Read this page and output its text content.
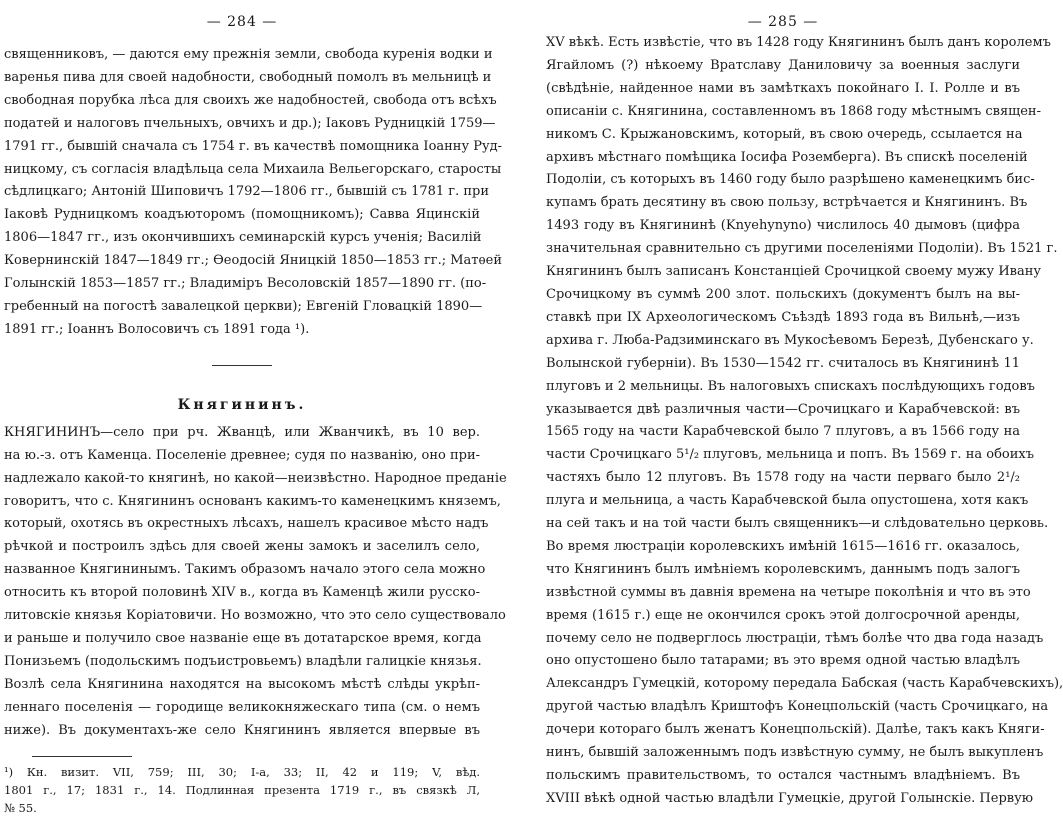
— 284 —
священниковъ, — даются ему прежнія земли, свобода куренія водки и
варенья пива для своей надобности, свободный помолъ въ мельницѣ и
свободная порубка лѣса для своихъ же надобностей, свобода отъ всѣхъ
податей и налоговъ пчельныхъ, овчихъ и др.); Іаковъ Рудницкій 1759—
1791 гг., бывшій сначала съ 1754 г. въ качествѣ помощника Іоанну Руд-
ницкому, съ согласія владѣльца села Михаила Вельегорскаго, старосты
сѣдлицкаго; Антоній Шиповичъ 1792—1806 гг., бывшій съ 1781 г. при
Іаковѣ Рудницкомъ коадъюторомъ (помощникомъ); Савва Яцинскій
1806—1847 гг., изъ окончившихъ семинарскій курсъ ученія; Василій
Ковернинскій 1847—1849 гг.; Ѳеодосій Яницкій 1850—1853 гг.; Матѳей
Голынскій 1853—1857 гг.; Владиміръ Весоловскій 1857—1890 гг. (по-
гребенный на погостѣ завалецкой церкви); Евгеній Гловацкій 1890—
1891 гг.; Іоаннъ Волосовичъ съ 1891 года ¹).
Княгининъ.
КНЯГИНИНЪ—село при рч. Жванцѣ, или Жванчикѣ, въ 10 вер.
на ю.-з. отъ Каменца. Поселеніе древнее; судя по названію, оно при-
надлежало какой-то княгинѣ, но какой—неизвѣстно. Народное преданіе
говоритъ, что с. Княгининъ основанъ какимъ-то каменецкимъ княземъ,
который, охотясь въ окрестныхъ лѣсахъ, нашелъ красивое мѣсто надъ
рѣчкой и построилъ здѣсь для своей жены замокъ и заселилъ село,
названное Княгининымъ. Такимъ образомъ начало этого села можно
относить къ второй половинѣ XIV в., когда въ Каменцѣ жили русско-
литовскіе князья Коріатовичи. Но возможно, что это село существовало
и раньше и получило свое названіе еще въ дотатарское время, когда
Понизьемъ (подольскимъ подъистровьемъ) владѣли галицкіе князья.
Возлѣ села Княгинина находятся на высокомъ мѣстѣ слѣды укрѣп-
леннаго поселенія — городище великокняжескаго типа (см. о немъ
ниже). Въ документахъ-же село Княгининъ является впервые въ
¹) Кн. визит. VII, 759; III, 30; I-а, 33; II, 42 и 119; V, вѣд.
1801 г., 17; 1831 г., 14. Подлинная презента 1719 г., въ связкѣ Л,
№ 55.
— 285 —
XV вѣкѣ. Есть извѣстіе, что въ 1428 году Княгининъ былъ данъ королемъ
Ягайломъ (?) нѣкоему Вратславу Даниловичу за военныя заслуги
(свѣдѣніе, найденное нами въ замѣткахъ покойнаго I. I. Ролле и въ
описаніи с. Княгинина, составленномъ въ 1868 году мѣстнымъ священ-
никомъ С. Крыжановскимъ, который, въ свою очередь, ссылается на
архивъ мѣстнаго помѣщика Іосифа Роземберга). Въ спискѣ поселеній
Подоліи, съ которыхъ въ 1460 году было разрѣшено каменецкимъ бис-
купамъ брать десятину въ свою пользу, встрѣчается и Княгининъ. Въ
1493 году въ Княгининѣ (Knyehynyno) числилось 40 дымовъ (цифра
значительная сравнительно съ другими поселеніями Подоліи). Въ 1521 г.
Княгининъ былъ записанъ Констанціей Срочицкой своему мужу Ивану
Срочицкому въ суммѣ 200 злот. польскихъ (документъ былъ на вы-
ставкѣ при IX Археологическомъ Съѣздѣ 1893 года въ Вильнѣ,—изъ
архива г. Люба-Радзиминскаго въ Мукосѣевомъ Березѣ, Дубенскаго у.
Волынской губерніи). Въ 1530—1542 гг. считалось въ Княгининѣ 11
плуговъ и 2 мельницы. Въ налоговыхъ спискахъ послѣдующихъ годовъ
указывается двѣ различныя части—Срочицкаго и Карабчевской: въ
1565 году на части Карабчевской было 7 плуговъ, а въ 1566 году на
части Срочицкаго 5¹/₂ плуговъ, мельница и попъ. Въ 1569 г. на обоихъ
частяхъ было 12 плуговъ. Въ 1578 году на части перваго было 2¹/₂
плуга и мельница, а часть Карабчевской была опустошена, хотя какъ
на сей такъ и на той части былъ священникъ—и слѣдовательно церковь.
Во время люстраціи королевскихъ имѣній 1615—1616 гг. оказалось,
что Княгининъ былъ имѣніемъ королевскимъ, даннымъ подъ залогъ
извѣстной суммы въ давнія времена на четыре поколѣнія и что въ это
время (1615 г.) еще не окончился срокъ этой долгосрочной аренды,
почему село не подверглось люстраціи, тѣмъ болѣе что два года назадъ
оно опустошено было татарами; въ это время одной частью владѣлъ
Александръ Гумецкій, которому передала Бабская (часть Карабчевскихъ),
другой частью владѣлъ Криштофъ Конецпольскій (часть Срочицкаго, на
дочери котораго былъ женатъ Конецпольскій). Далѣе, такъ какъ Княги-
нинъ, бывшій заложеннымъ подъ извѣстную сумму, не былъ выкупленъ
польскимъ правительствомъ, то остался частнымъ владѣніемъ. Въ
XVIII вѣкѣ одной частью владѣли Гумецкіе, другой Голынскіе. Первую
